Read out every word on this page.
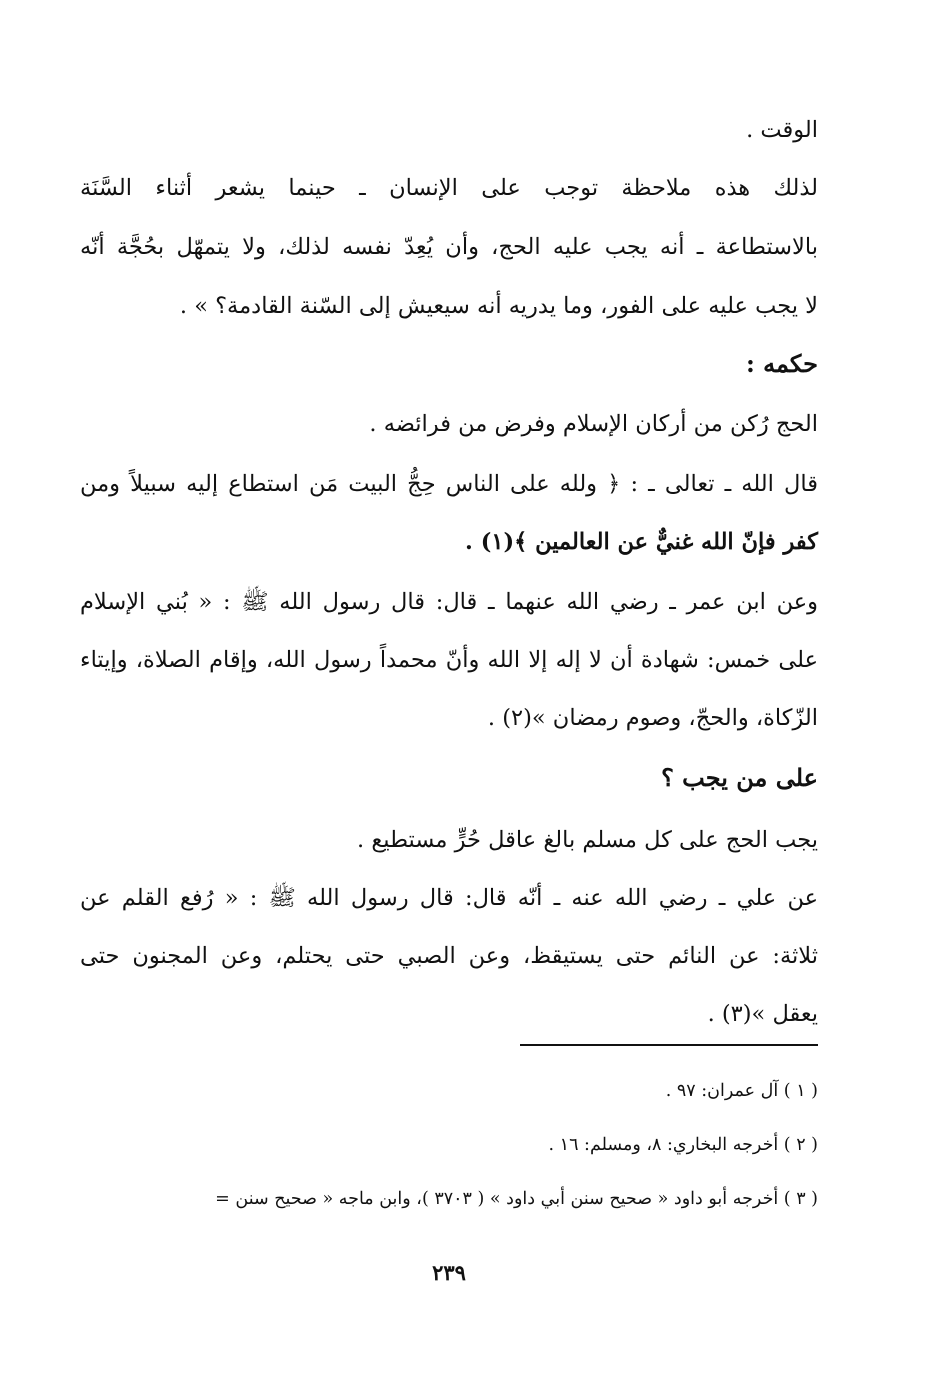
الوقت .
لذلك هذه ملاحظة توجب على الإنسان ـ حينما يشعر أثناء السَّنَة
بالاستطاعة ـ أنه يجب عليه الحج، وأن يُعِدّ نفسه لذلك، ولا يتمهّل بحُجَّة أنّه
لا يجب عليه على الفور، وما يدريه أنه سيعيش إلى السّنة القادمة؟ » .
حكمه :
الحج رُكن من أركان الإسلام وفرض من فرائضه .
قال الله ـ تعالى ـ : ﴿ ولله على الناس حِجُّ البيت مَن استطاع إليه سبيلاً ومن
كفر فإنّ الله غنيٌّ عن العالمين ﴾(١) .
وعن ابن عمر ـ رضي الله عنهما ـ قال: قال رسول الله ﷺ : « بُني الإسلام
على خمس: شهادة أن لا إله إلا الله وأنّ محمداً رسول الله، وإقام الصلاة، وإيتاء
الزّكاة، والحجّ، وصوم رمضان »(٢) .
على من يجب ؟
يجب الحج على كل مسلم بالغ عاقل حُرٍّ مستطيع .
عن علي ـ رضي الله عنه ـ أنّه قال: قال رسول الله ﷺ : « رُفع القلم عن
ثلاثة: عن النائم حتى يستيقظ، وعن الصبي حتى يحتلم، وعن المجنون حتى
يعقل »(٣) .
( ١ ) آل عمران: ٩٧ .
( ٢ ) أخرجه البخاري: ٨، ومسلم: ١٦ .
( ٣ ) أخرجه أبو داود « صحيح سنن أبي داود » ( ٣٧٠٣ )، وابن ماجه « صحيح سنن =
٢٣٩
